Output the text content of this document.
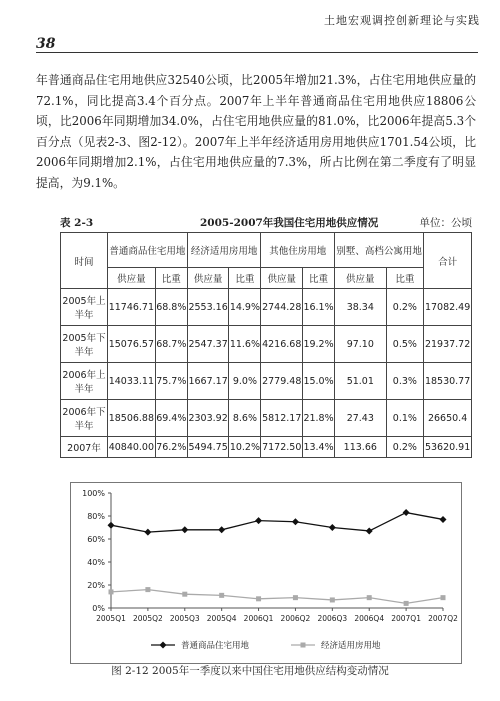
土地宏观调控创新理论与实践
38

年普通商品住宅用地供应32540公顷，比2005年增加21.3%，占住宅用地供应量的72.1%，同比提高3.4个百分点。2007年上半年普通商品住宅用地供应18806公顷，比2006年同期增加34.0%，占住宅用地供应量的81.0%，比2006年提高5.3个百分点（见表2-3、图2-12）。2007年上半年经济适用房用地供应1701.54公顷，比2006年同期增加2.1%，占住宅用地供应量的7.3%，所占比例在第二季度有了明显提高，为9.1%。

表 2-3	2005-2007年我国住宅用地供应情况	单位：公顷
时间	普通商品住宅用地		经济适用房用地		其他住房用地		别墅、高档公寓用地		合计
	供应量	比重	供应量	比重	供应量	比重	供应量	比重	
2005年上半年	11746.71	68.8%	2553.16	14.9%	2744.28	16.1%	38.34	0.2%	17082.49
2005年下半年	15076.57	68.7%	2547.37	11.6%	4216.68	19.2%	97.10	0.5%	21937.72
2006年上半年	14033.11	75.7%	1667.17	9.0%	2779.48	15.0%	51.01	0.3%	18530.77
2006年下半年	18506.88	69.4%	2303.92	8.6%	5812.17	21.8%	27.43	0.1%	26650.4
2007年	40840.00	76.2%	5494.75	10.2%	7172.50	13.4%	113.66	0.2%	53620.91
0%
20%
40%
60%
80%
100%
2005Q1 2005Q2 2005Q3 2005Q4 2006Q1 2006Q2 2006Q3 2006Q4 2007Q1 2007Q2
普通商品住宅用地	经济适用房用地
图 2-12 2005年一季度以来中国住宅用地供应结构变动情况
